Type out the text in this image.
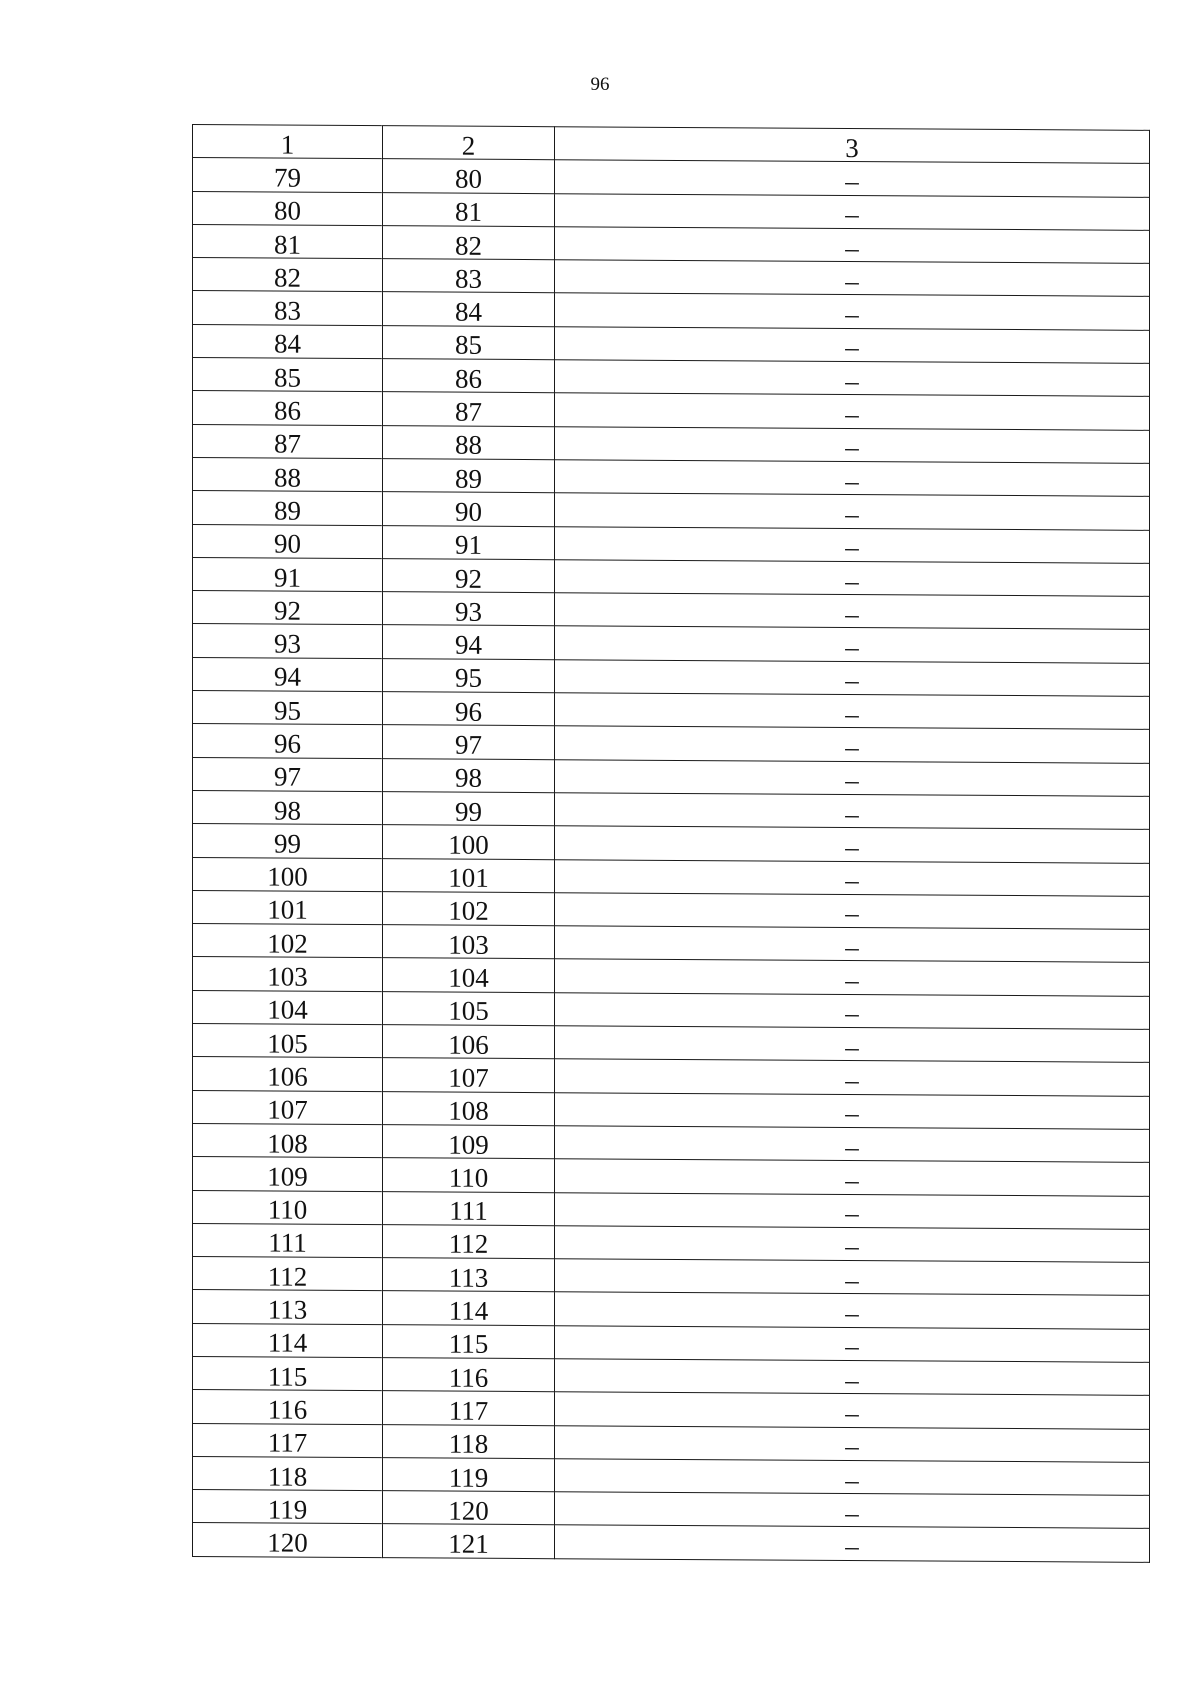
96
1	2	3
79	80	–
80	81	–
81	82	–
82	83	–
83	84	–
84	85	–
85	86	–
86	87	–
87	88	–
88	89	–
89	90	–
90	91	–
91	92	–
92	93	–
93	94	–
94	95	–
95	96	–
96	97	–
97	98	–
98	99	–
99	100	–
100	101	–
101	102	–
102	103	–
103	104	–
104	105	–
105	106	–
106	107	–
107	108	–
108	109	–
109	110	–
110	111	–
111	112	–
112	113	–
113	114	–
114	115	–
115	116	–
116	117	–
117	118	–
118	119	–
119	120	–
120	121	–
